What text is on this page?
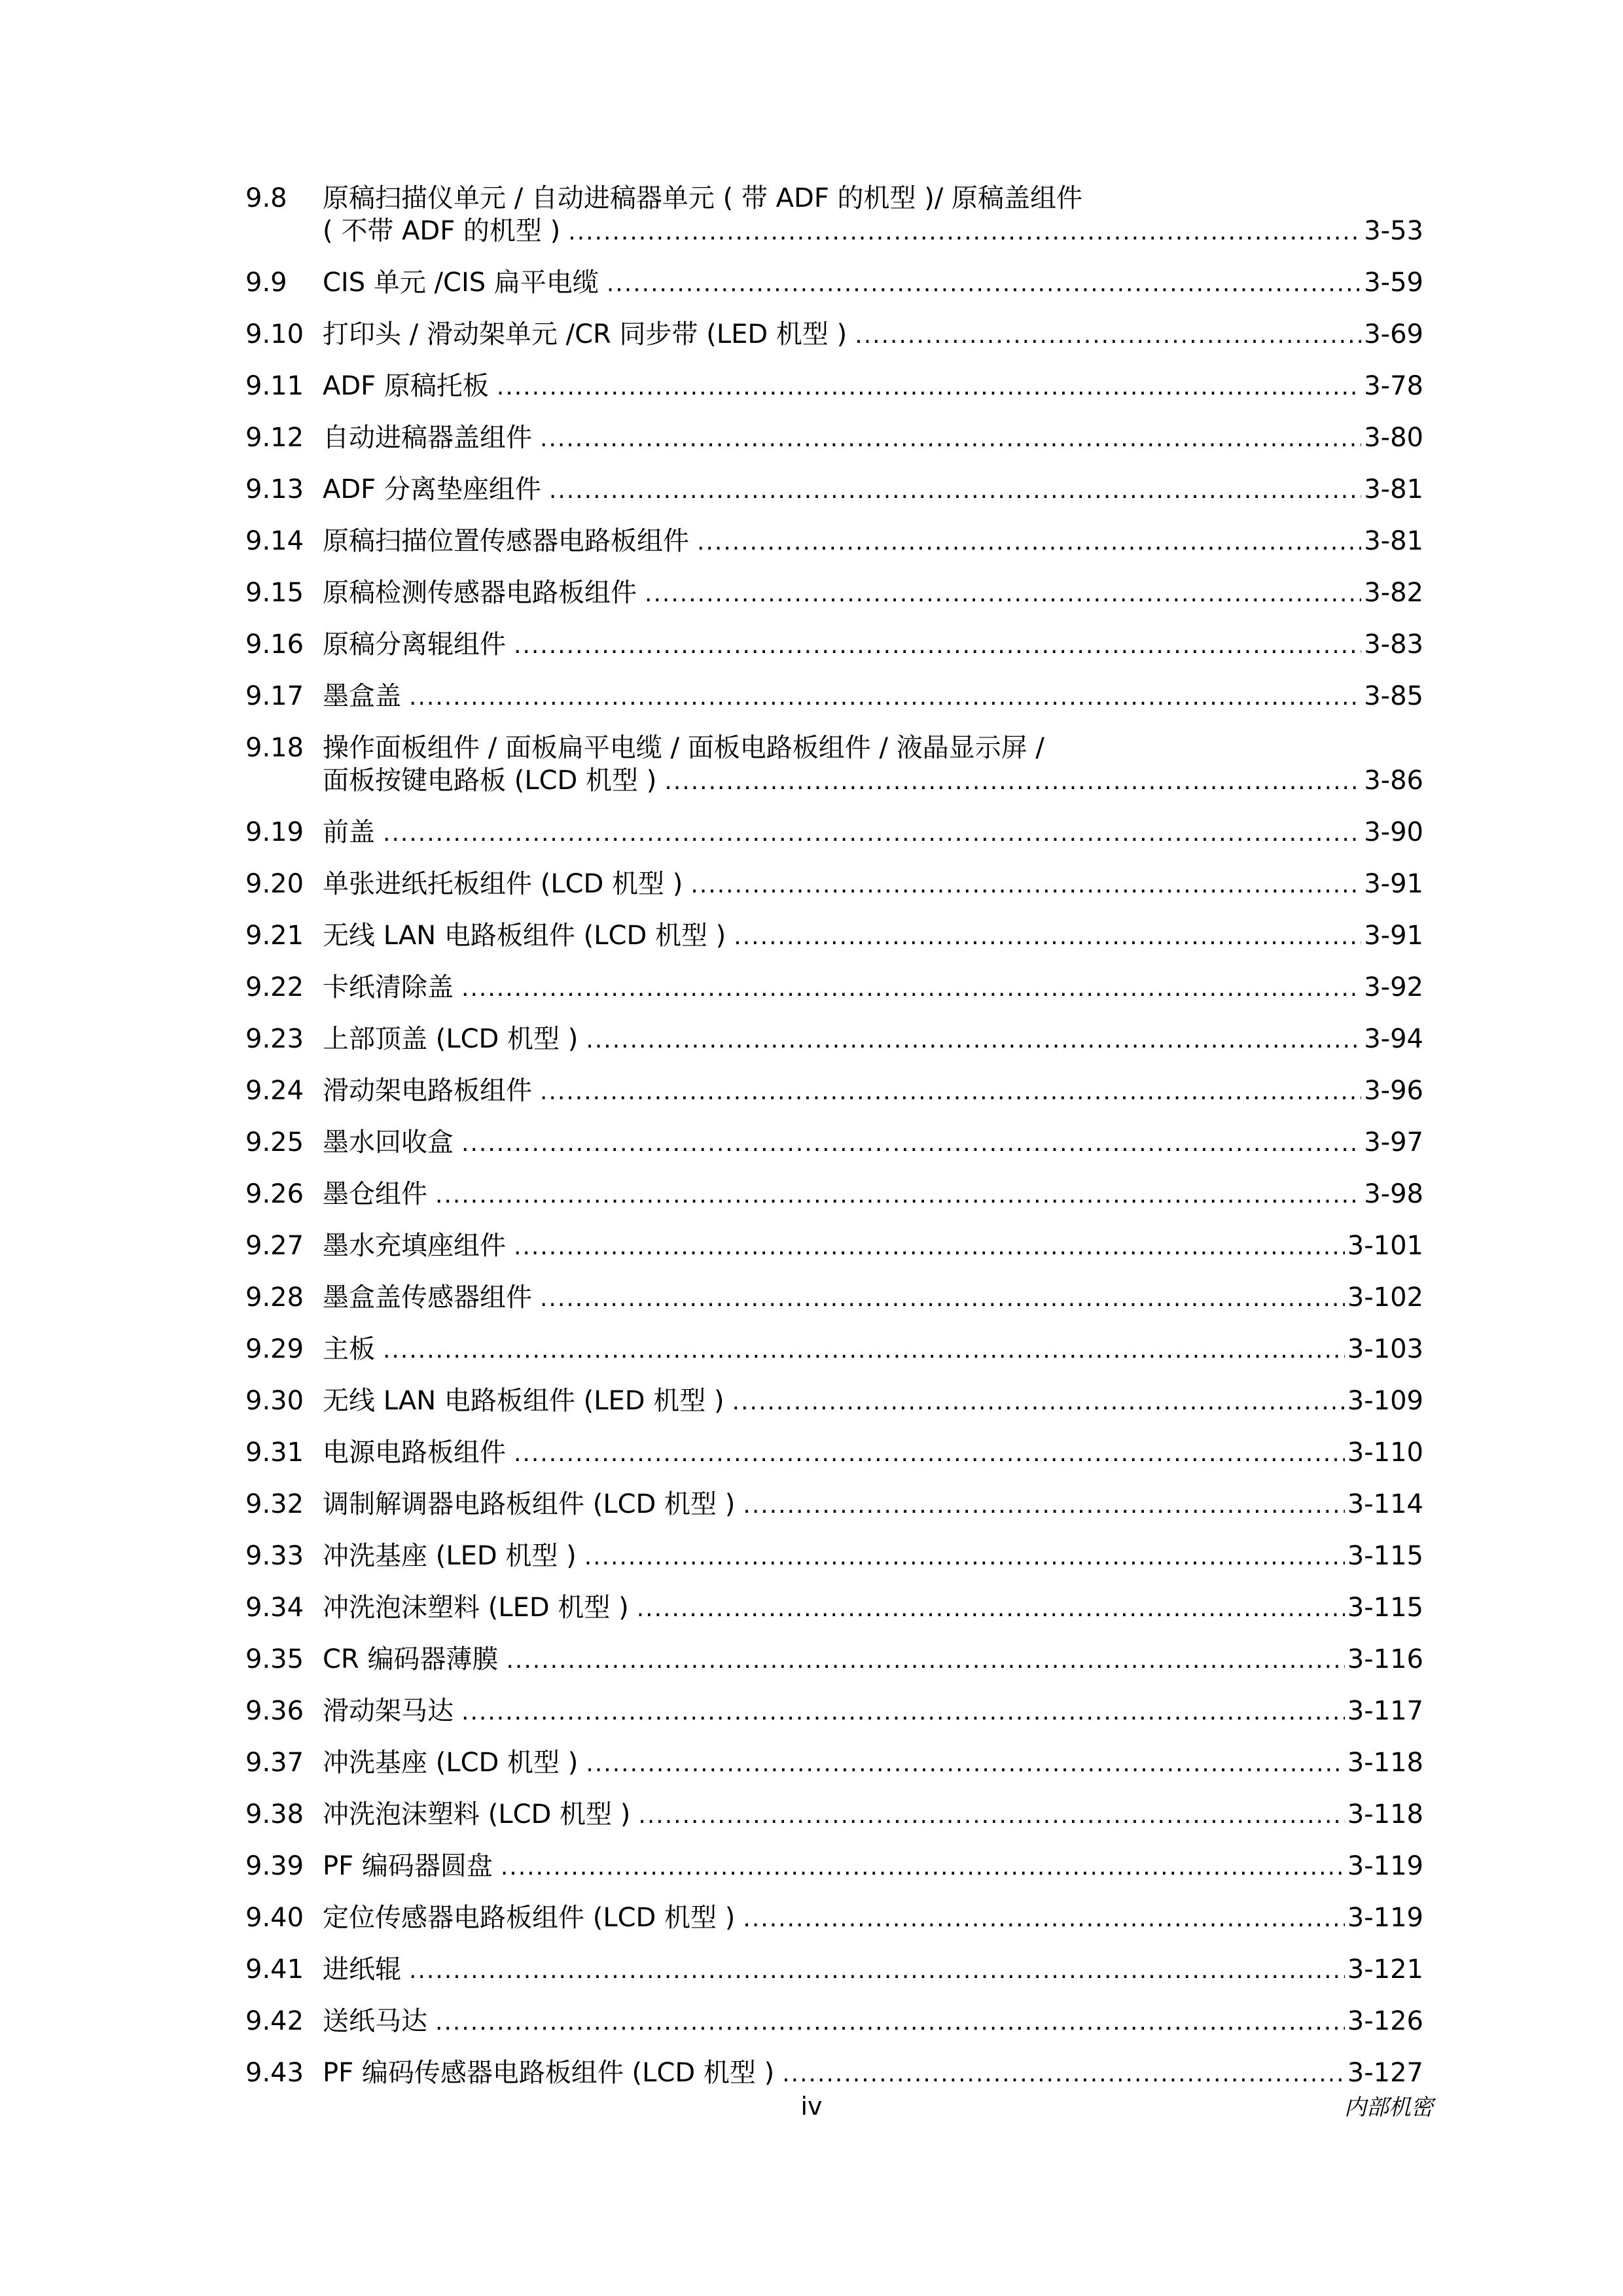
9.8	原稿扫描仪单元 / 自动进稿器单元 ( 带 ADF 的机型 )/ 原稿盖组件
( 不带 ADF 的机型 ) .....	3-53
9.9	CIS 单元 /CIS 扁平电缆 .....	3-59
9.10 打印头 / 滑动架单元 /CR 同步带 (LED 机型 ) .....	3-69
9.11 ADF 原稿托板 .....	3-78
9.12 自动进稿器盖组件 .....	3-80
9.13 ADF 分离垫座组件 .....	3-81
9.14 原稿扫描位置传感器电路板组件 .....	3-81
9.15 原稿检测传感器电路板组件 .....	3-82
9.16 原稿分离辊组件 .....	3-83
9.17 墨盒盖 .....	3-85
9.18 操作面板组件 / 面板扁平电缆 / 面板电路板组件 / 液晶显示屏 /
面板按键电路板 (LCD 机型 ) .....	3-86
9.19 前盖 .....	3-90
9.20 单张进纸托板组件 (LCD 机型 ) .....	3-91
9.21 无线 LAN 电路板组件 (LCD 机型 ) .....	3-91
9.22 卡纸清除盖 .....	3-92
9.23 上部顶盖 (LCD 机型 ) .....	3-94
9.24 滑动架电路板组件 .....	3-96
9.25 墨水回收盒 .....	3-97
9.26 墨仓组件 .....	3-98
9.27 墨水充填座组件 .....	3-101
9.28 墨盒盖传感器组件 .....	3-102
9.29 主板 .....	3-103
9.30 无线 LAN 电路板组件 (LED 机型 ) .....	3-109
9.31 电源电路板组件 .....	3-110
9.32 调制解调器电路板组件 (LCD 机型 ) .....	3-114
9.33 冲洗基座 (LED 机型 ) .....	3-115
9.34 冲洗泡沫塑料 (LED 机型 ) .....	3-115
9.35 CR 编码器薄膜 .....	3-116
9.36 滑动架马达 .....	3-117
9.37 冲洗基座 (LCD 机型 ) .....	3-118
9.38 冲洗泡沫塑料 (LCD 机型 ) .....	3-118
9.39 PF 编码器圆盘 .....	3-119
9.40 定位传感器电路板组件 (LCD 机型 ) .....	3-119
9.41 进纸辊 .....	3-121
9.42 送纸马达 .....	3-126
9.43 PF 编码传感器电路板组件 (LCD 机型 ) .....	3-127
iv	内部机密
